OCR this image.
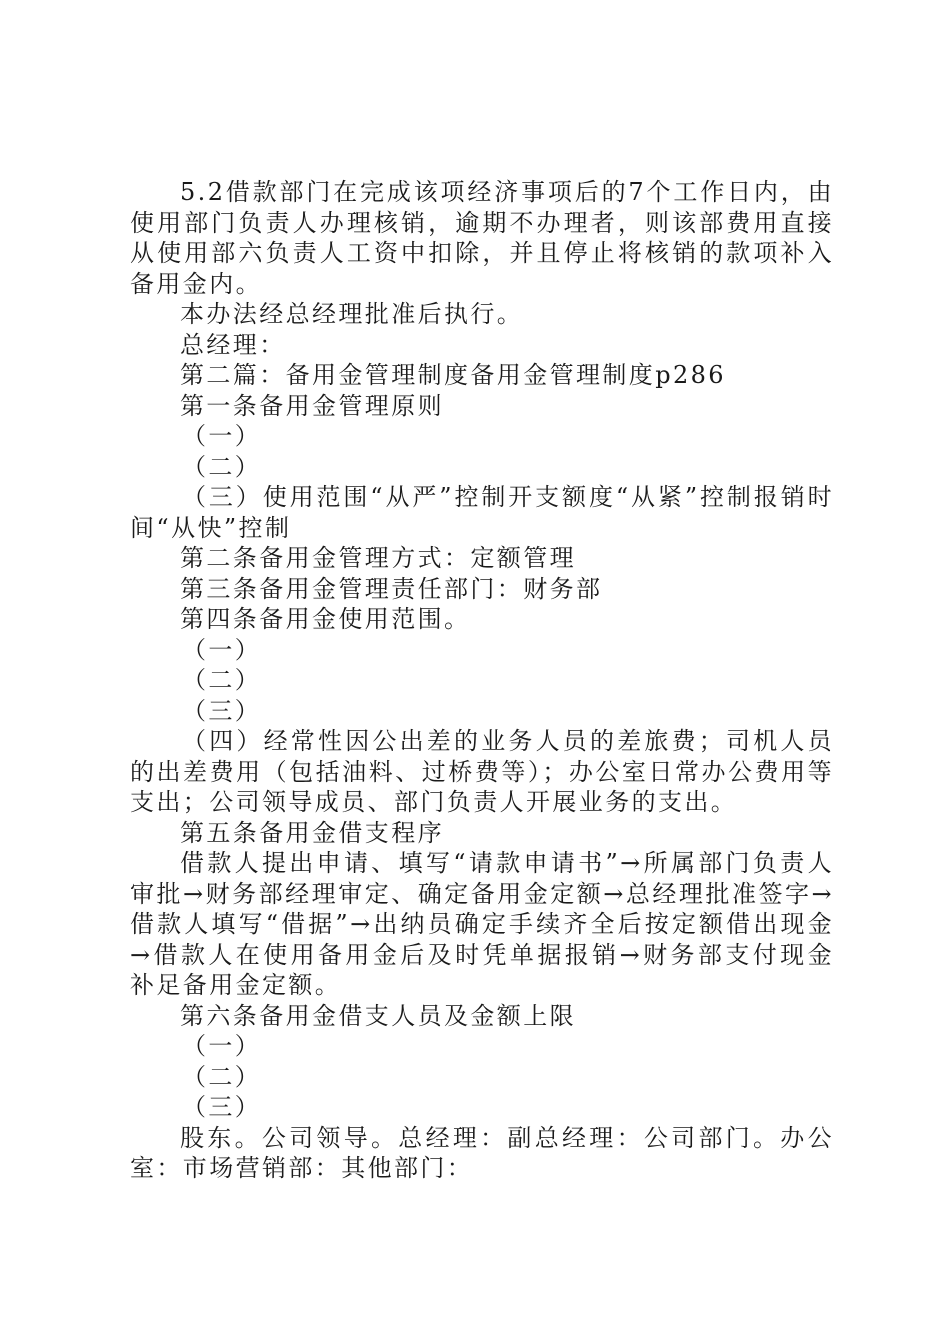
5.2借款部门在完成该项经济事项后的7个工作日内，由使用部门负责人办理核销，逾期不办理者，则该部费用直接从使用部六负责人工资中扣除，并且停止将核销的款项补入备用金内。

本办法经总经理批准后执行。

总经理：

第二篇：备用金管理制度备用金管理制度p286

第一条备用金管理原则

（一）

（二）

（三）使用范围“从严”控制开支额度“从紧”控制报销时间“从快”控制

第二条备用金管理方式：定额管理

第三条备用金管理责任部门：财务部

第四条备用金使用范围。

（一）

（二）

（三）

（四）经常性因公出差的业务人员的差旅费；司机人员的出差费用（包括油料、过桥费等）；办公室日常办公费用等支出；公司领导成员、部门负责人开展业务的支出。

第五条备用金借支程序

借款人提出申请、填写“请款申请书”→所属部门负责人审批→财务部经理审定、确定备用金定额→总经理批准签字→借款人填写“借据”→出纳员确定手续齐全后按定额借出现金→借款人在使用备用金后及时凭单据报销→财务部支付现金补足备用金定额。

第六条备用金借支人员及金额上限

（一）

（二）

（三）

股东。公司领导。总经理：副总经理：公司部门。办公室：市场营销部：其他部门：
